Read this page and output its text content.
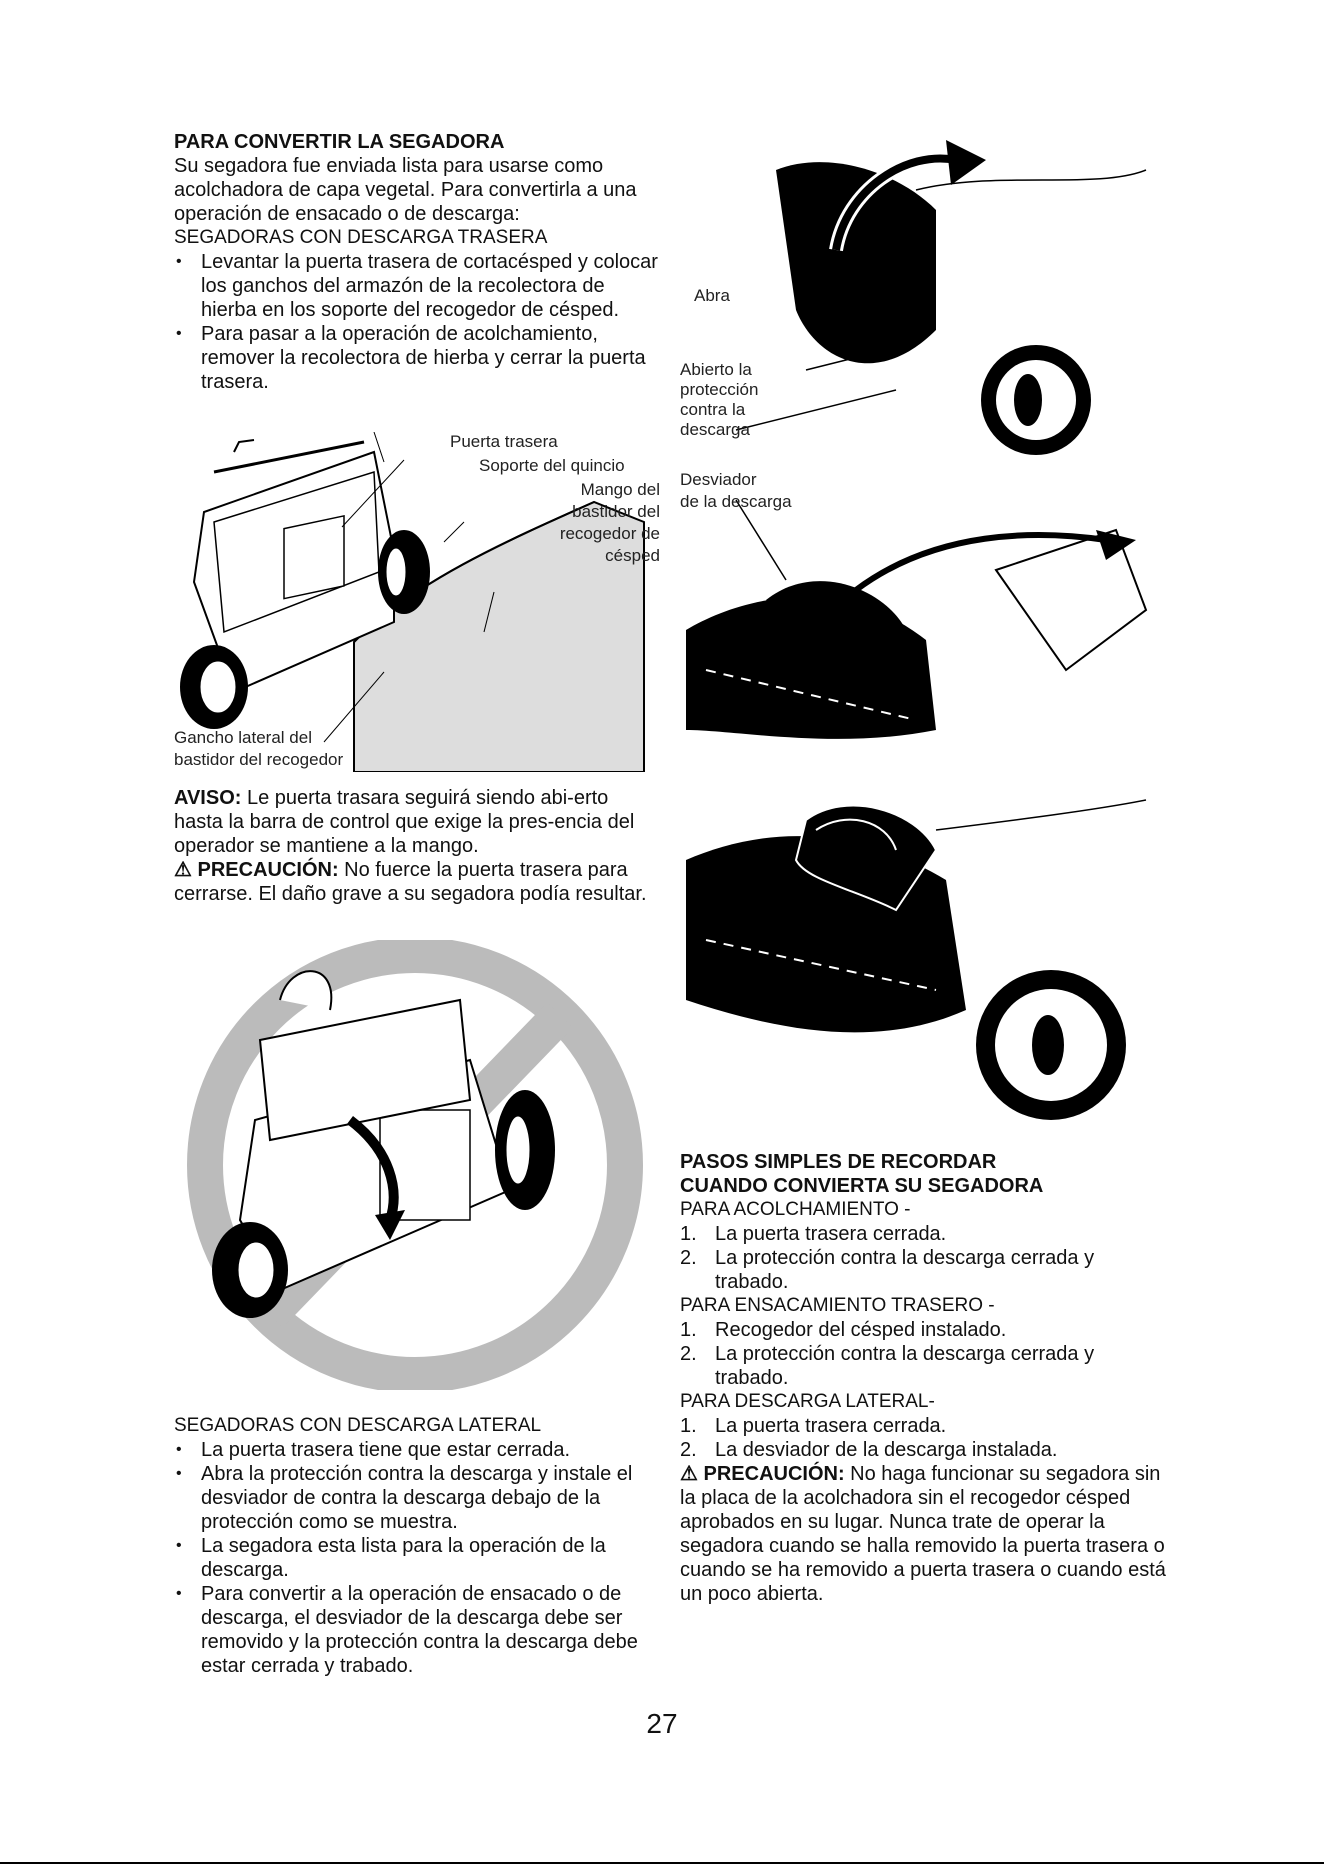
PARA CONVERTIR LA SEGADORA

Su segadora fue enviada lista para usarse como acolchadora de capa vegetal. Para convertirla a una operación de ensacado o de descarga:

SEGADORAS CON DESCARGA TRASERA

• Levantar la puerta trasera de cortacésped y colocar los ganchos del armazón de la recolectora de hierba en los soporte del recogedor de césped.
• Para pasar a la operación de acolchamiento, remover la recolectora de hierba y cerrar la puerta trasera.
Puerta trasera
Soporte del quincio
Mango del
bastidor del
recogedor de
césped
Gancho lateral del
bastidor del recogedor

AVISO: Le puerta trasara seguirá siendo abi-erto hasta la barra de control que exige la pres-encia del operador se mantiene a la mango.

⚠ PRECAUCIÓN: No fuerce la puerta trasera para cerrarse. El daño grave a su segadora podía resultar.

SEGADORAS CON DESCARGA LATERAL

• La puerta trasera tiene que estar cerrada.
• Abra la protección contra la descarga y instale el desviador de contra la descarga debajo de la protección como se muestra.
• La segadora esta lista para la operación de la descarga.
• Para convertir a la operación de ensacado o de descarga, el desviador de la descarga debe ser removido y la protección contra la descarga debe estar cerrada y trabado.
Abra
Abierto la
protección
contra la
descarga
Desviador
de la descarga
PASOS SIMPLES DE RECORDAR
CUANDO CONVIERTA SU SEGADORA

PARA ACOLCHAMIENTO -

1. La puerta trasera cerrada.
2. La protección contra la descarga cerrada y trabado.

PARA ENSACAMIENTO TRASERO -

1. Recogedor del césped instalado.
2. La protección contra la descarga cerrada y trabado.

PARA DESCARGA LATERAL-

1. La puerta trasera cerrada.
2. La desviador de la descarga instalada.

⚠ PRECAUCIÓN: No haga funcionar su segadora sin la placa de la acolchadora sin el recogedor césped aprobados en su lugar. Nunca trate de operar la segadora cuando se halla removido la puerta trasera o cuando se ha removido a puerta trasera o cuando está un poco abierta.

27
